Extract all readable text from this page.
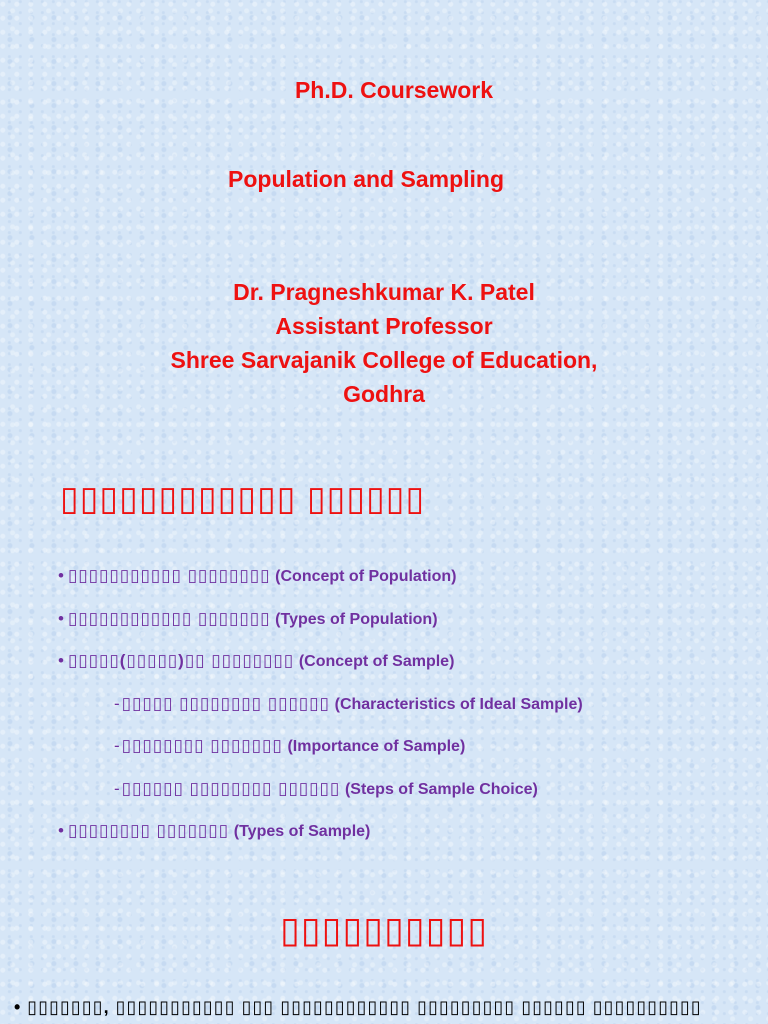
Ph.D. Coursework

Population and Sampling

Dr. Pragneshkumar K. Patel
Assistant Professor
Shree Sarvajanik College of Education,
Godhra

▯▯▯▯▯▯▯▯▯▯▯▯ ▯▯▯▯▯▯

• ▯▯▯▯▯▯▯▯▯▯▯ ▯▯▯▯▯▯▯▯ (Concept of Population)
• ▯▯▯▯▯▯▯▯▯▯▯▯ ▯▯▯▯▯▯▯ (Types of Population)
• ▯▯▯▯▯(▯▯▯▯▯)▯▯ ▯▯▯▯▯▯▯▯ (Concept of Sample)
- ▯▯▯▯▯ ▯▯▯▯▯▯▯▯ ▯▯▯▯▯▯ (Characteristics of Ideal Sample)
- ▯▯▯▯▯▯▯▯ ▯▯▯▯▯▯▯ (Importance of Sample)
- ▯▯▯▯▯▯ ▯▯▯▯▯▯▯▯ ▯▯▯▯▯▯ (Steps of Sample Choice)
• ▯▯▯▯▯▯▯▯ ▯▯▯▯▯▯▯ (Types of Sample)

▯▯▯▯▯▯▯▯▯▯

• ▯▯▯▯▯▯▯, ▯▯▯▯▯▯▯▯▯▯▯ ▯▯▯ ▯▯▯▯▯▯▯▯▯▯▯▯ ▯▯▯▯▯▯▯▯▯ ▯▯▯▯▯▯ ▯▯▯▯▯▯▯▯▯▯
